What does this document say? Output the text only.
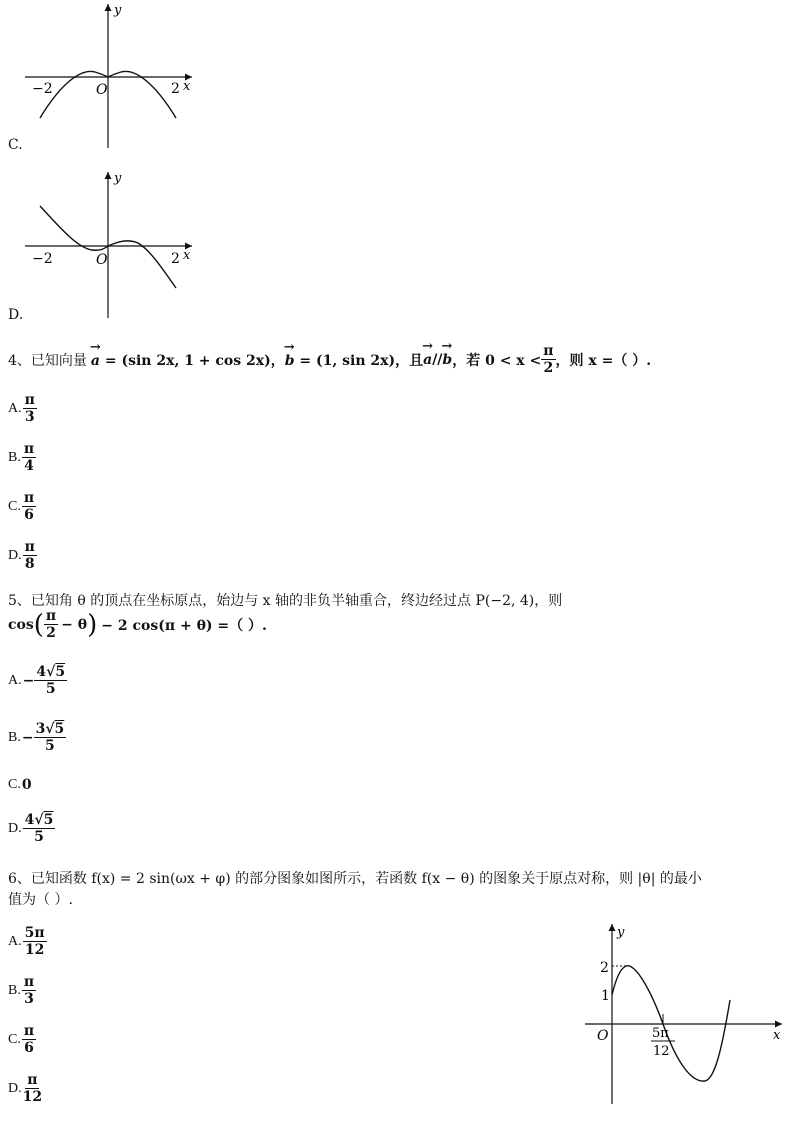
y
x
−2	O	2
C.
y
x
−2	O	2
D.
4、已知向量 → a = (sin 2x, 1 + cos 2x)， → b = (1, sin 2x)，且 → a//→ b ，若 $0 < x < \frac{\pi}{2}$ ，则 x =（ ）.
A. $\frac{\pi}{3}$
B. $\frac{\pi}{4}$
C. $\frac{\pi}{6}$
D. $\frac{\pi}{8}$
5、已知角 θ 的顶点在坐标原点，始边与 x 轴的非负半轴重合，终边经过点 P(−2, 4)，则
cos ( $\frac{\pi}{2} - \theta$ ) − 2 cos(π + θ) =（ ）.
A. − $\frac{4√5}{5}$
B. − $\frac{3√5}{5}$
C. 0
D. $\frac{4√5}{5}$
6、已知函数 f(x) = 2 sin(ωx + φ) 的部分图象如图所示，若函数 f(x − θ) 的图象关于原点对称，则 |θ| 的最小
值为（ ）.
A. $\frac{5\pi}{12}$
B. $\frac{\pi}{3}$
C. $\frac{\pi}{6}$
D. $\frac{\pi}{12}$
y
x
O
2
1
5π
12
